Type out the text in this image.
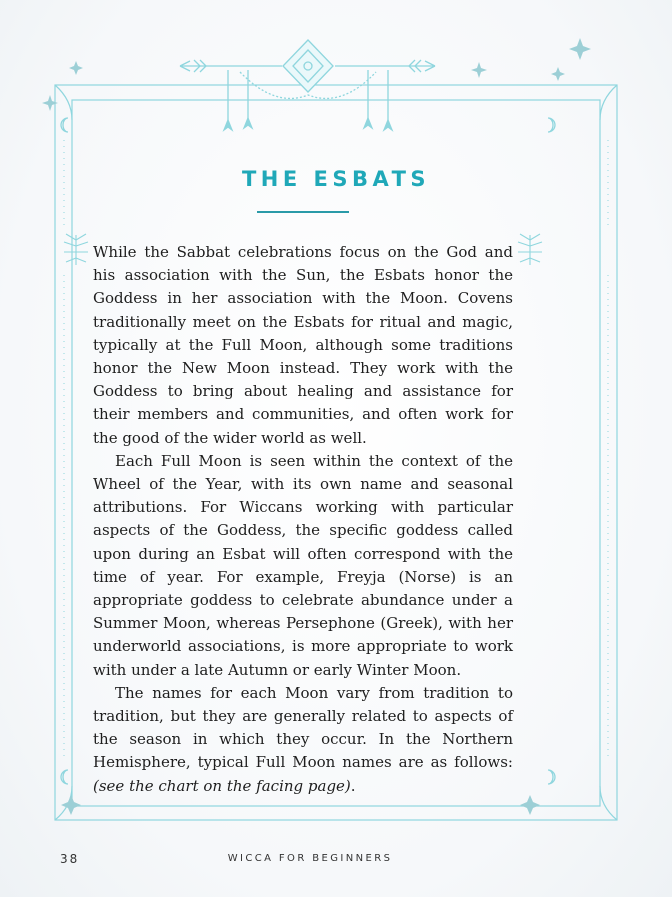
THE ESBATS

While the Sabbat celebrations focus on the God and his association with the Sun, the Esbats honor the Goddess in her association with the Moon. Covens traditionally meet on the Esbats for ritual and magic, typically at the Full Moon, although some traditions honor the New Moon instead. They work with the Goddess to bring about healing and assistance for their members and communities, and often work for the good of the wider world as well.

Each Full Moon is seen within the context of the Wheel of the Year, with its own name and seasonal attributions. For Wiccans working with particular aspects of the Goddess, the specific goddess called upon during an Esbat will often correspond with the time of year. For example, Freyja (Norse) is an appropriate goddess to celebrate abundance under a Summer Moon, whereas Persephone (Greek), with her underworld associations, is more appropriate to work with under a late Autumn or early Winter Moon.

The names for each Moon vary from tradition to tradition, but they are generally related to aspects of the season in which they occur. In the Northern Hemisphere, typical Full Moon names are as follows: (see the chart on the facing page).

38	WICCA FOR BEGINNERS
